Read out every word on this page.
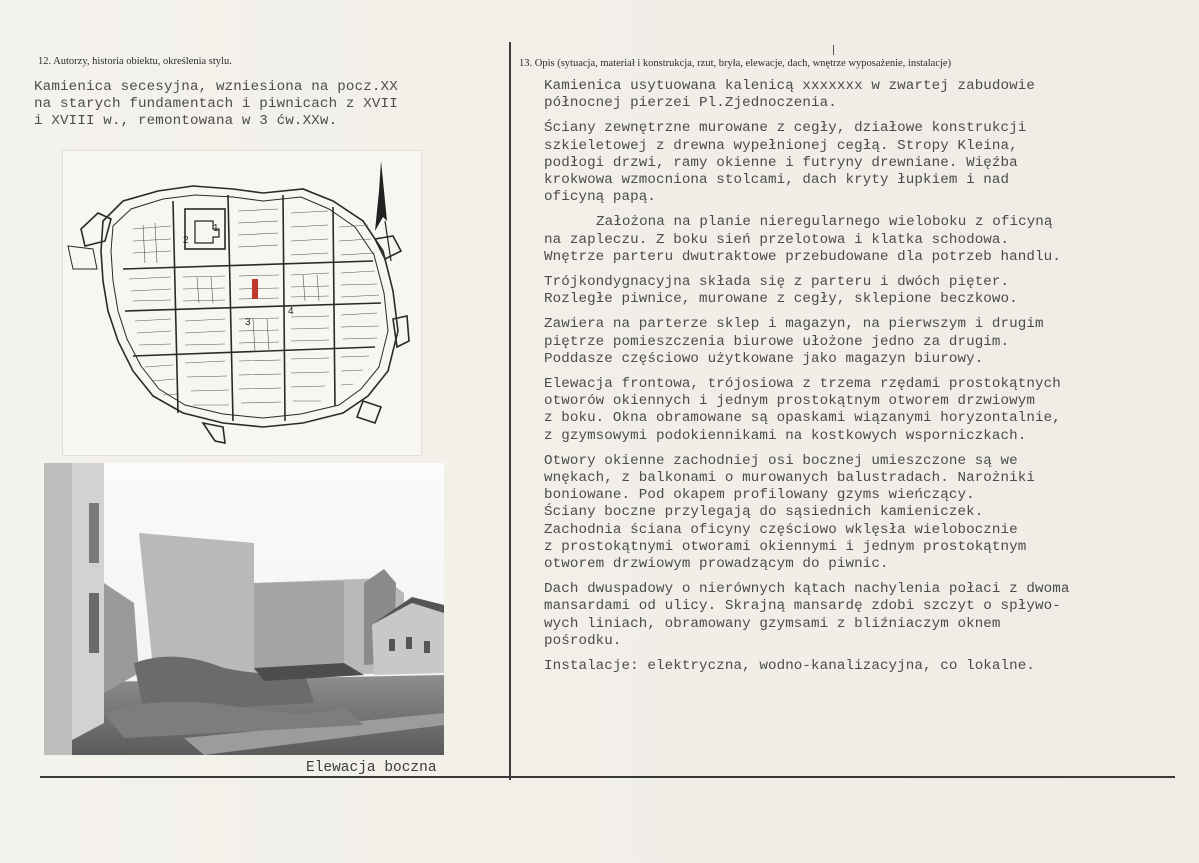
12. Autorzy, historia obiektu, określenia stylu.	13. Opis (sytuacja, materiał i konstrukcja, rzut, bryła, elewacje, dach, wnętrze wyposażenie, instalacje)
Kamienica secesyjna, wzniesiona na pocz.XX
na starych fundamentach i piwnicach z XVII
i XVIII w., remontowana w 3 ćw.XXw.
1
2
3
4
Elewacja boczna
Kamienica usytuowana kalenicą xxxxxxx w zwartej zabudowie
północnej pierzei Pl.Zjednoczenia.
Ściany zewnętrzne murowane z cegły, działowe konstrukcji
szkieletowej z drewna wypełnionej cegłą. Stropy Kleina,
podłogi drzwi, ramy okienne i futryny drewniane. Więźba
krokwowa wzmocniona stolcami, dach kryty łupkiem i nad
oficyną papą.
Założona na planie nieregularnego wieloboku z oficyną
na zapleczu. Z boku sień przelotowa i klatka schodowa.
Wnętrze parteru dwutraktowe przebudowane dla potrzeb handlu.
Trójkondygnacyjna składa się z parteru i dwóch pięter.
Rozległe piwnice, murowane z cegły, sklepione beczkowo.
Zawiera na parterze sklep i magazyn, na pierwszym i drugim
piętrze pomieszczenia biurowe ułożone jedno za drugim.
Poddasze częściowo użytkowane jako magazyn biurowy.
Elewacja frontowa, trójosiowa z trzema rzędami prostokątnych
otworów okiennych i jednym prostokątnym otworem drzwiowym
z boku. Okna obramowane są opaskami wiązanymi horyzontalnie,
z gzymsowymi podokiennikami na kostkowych wsporniczkach.
Otwory okienne zachodniej osi bocznej umieszczone są we
wnękach, z balkonami o murowanych balustradach. Narożniki
boniowane. Pod okapem profilowany gzyms wieńczący.
Ściany boczne przylegają do sąsiednich kamieniczek.
Zachodnia ściana oficyny częściowo wklęsła wielobocznie
z prostokątnymi otworami okiennymi i jednym prostokątnym
otworem drzwiowym prowadzącym do piwnic.
Dach dwuspadowy o nierównych kątach nachylenia połaci z dwoma
mansardami od ulicy. Skrajną mansardę zdobi szczyt o spływo-
wych liniach, obramowany gzymsami z bliźniaczym oknem
pośrodku.
Instalacje: elektryczna, wodno-kanalizacyjna, co lokalne.
